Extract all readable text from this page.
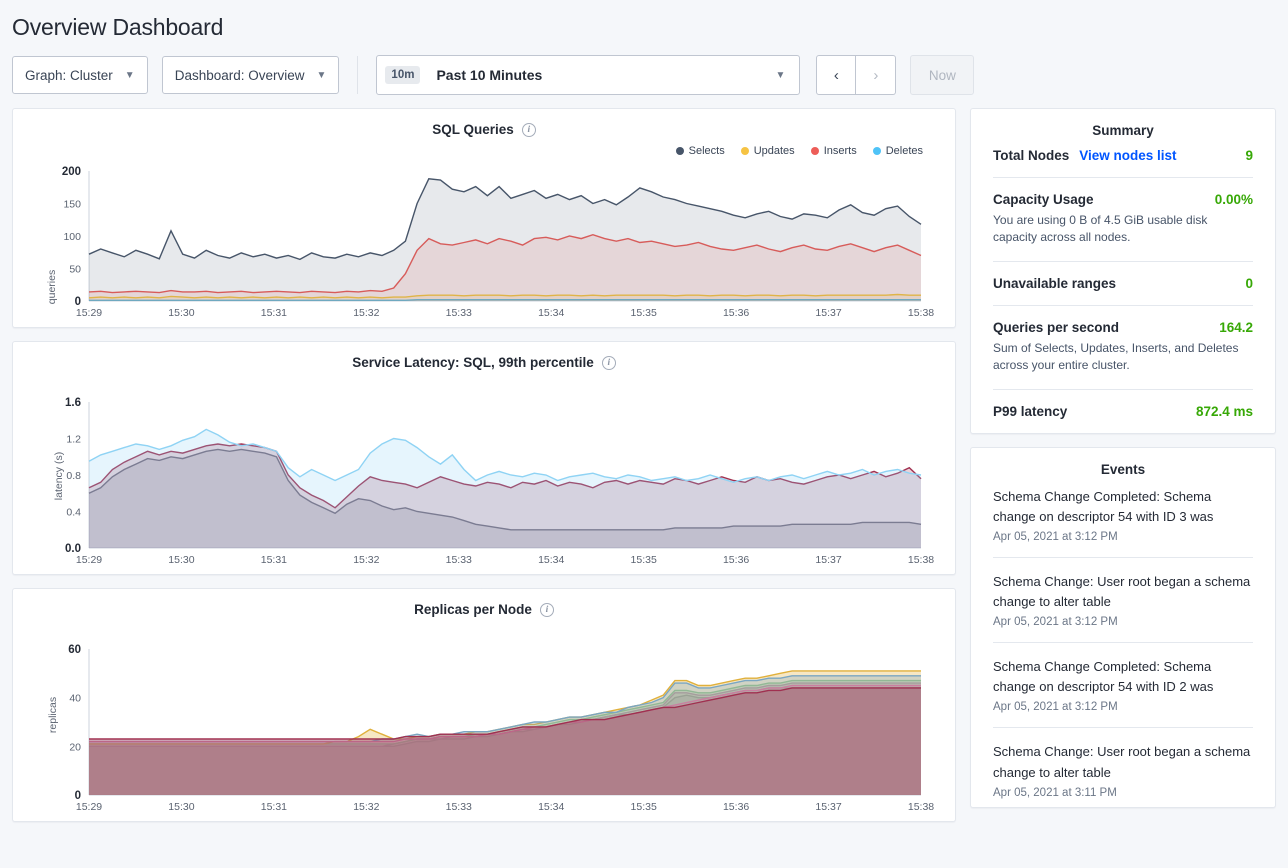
Overview Dashboard
Graph: Cluster ▼	Dashboard: Overview ▼	10m	Past 10 Minutes	▼	‹	›	Now
SQL Queries	i
Selects	Updates	Inserts	Deletes
queries 0
50
100
150
200
15:29	15:30	15:31	15:32	15:33	15:34	15:35	15:36	15:37	15:38
Service Latency: SQL, 99th percentile	i
latency (s)
0.0
0.4
0.8
1.2
1.6
15:29	15:30	15:31	15:32	15:33	15:34	15:35	15:36	15:37	15:38
Replicas per Node	i
replicas
0
20
40
60
15:29	15:30	15:31	15:32	15:33	15:34	15:35	15:36	15:37	15:38
Summary
Total Nodes View nodes list	9
Capacity Usage	0.00%
You are using 0 B of 4.5 GiB usable disk capacity across all nodes.
Unavailable ranges	0
Queries per second	164.2
Sum of Selects, Updates, Inserts, and Deletes across your entire cluster.
P99 latency	872.4 ms
Events
Schema Change Completed: Schema change on descriptor 54 with ID 3 was
Apr 05, 2021 at 3:12 PM
Schema Change: User root began a schema change to alter table
Apr 05, 2021 at 3:12 PM
Schema Change Completed: Schema change on descriptor 54 with ID 2 was
Apr 05, 2021 at 3:12 PM
Schema Change: User root began a schema change to alter table
Apr 05, 2021 at 3:11 PM
